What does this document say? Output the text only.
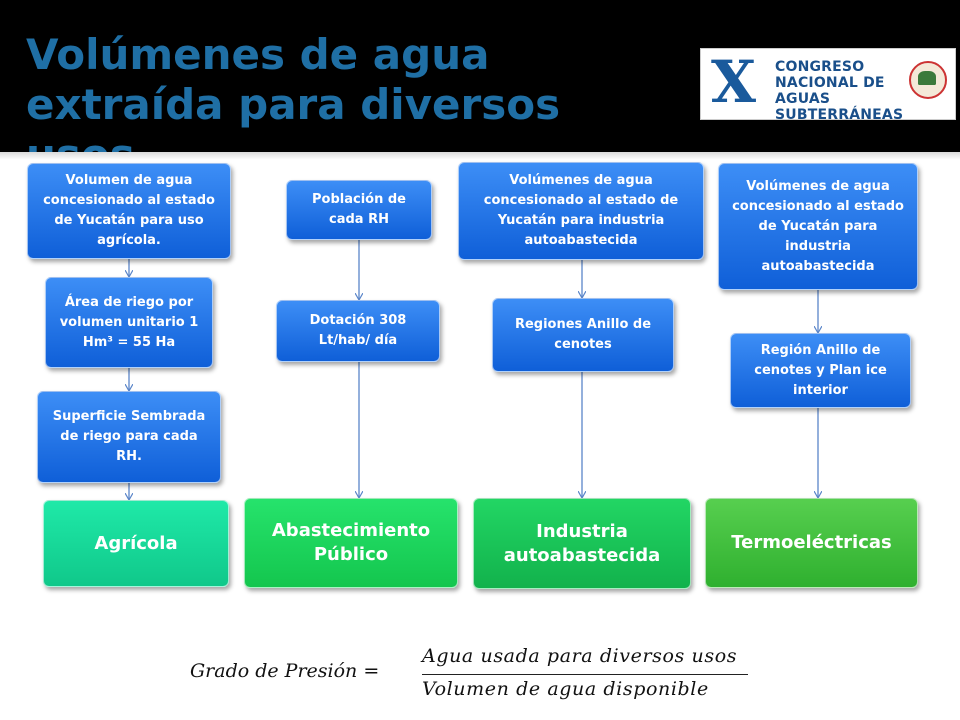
Volúmenes de agua extraída para diversos	X CONGRESO
NACIONAL DE
AGUAS SUBTERRÁNEAS
Volumen de agua concesionado al estado de Yucatán para uso agrícola.
Área de riego por volumen unitario 1 Hm³ = 55 Ha
Superficie Sembrada de riego para cada RH.
Agrícola
Población de cada RH
Dotación 308 Lt/hab/ día
Abastecimiento Público
Volúmenes de agua concesionado al estado de Yucatán para industria autoabastecida
Regiones Anillo de cenotes
Industria autoabastecida
Volúmenes de agua concesionado al estado de Yucatán para industria autoabastecida
Región Anillo de cenotes y Plan ice interior
Termoeléctricas
Grado de Presión =
Agua usada para diversos usos
Volumen de agua disponible
